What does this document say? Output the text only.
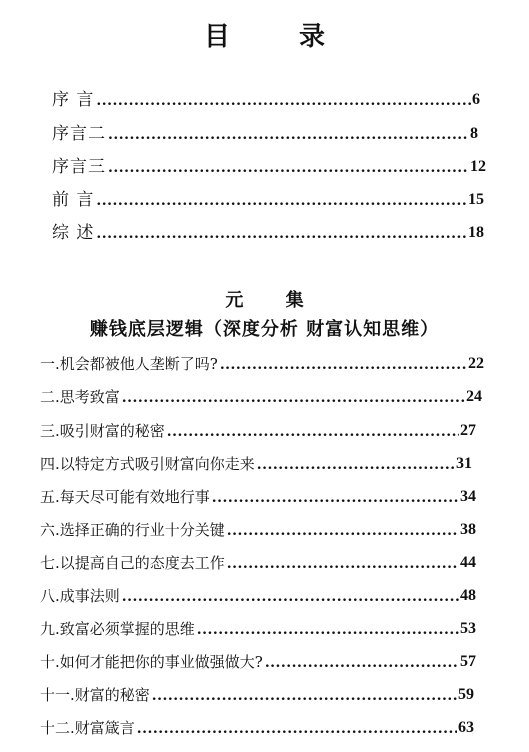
目 录
序 言 .....	6
序言二 .....	8
序言三 .....	12
前 言 .....	15
综 述 .....	18
元 集
赚钱底层逻辑（深度分析 财富认知思维）
一.机会都被他人垄断了吗? .....	22
二.思考致富 .....	24
三.吸引财富的秘密 .....	27
四.以特定方式吸引财富向你走来 .....	31
五.每天尽可能有效地行事 .....	34
六.选择正确的行业十分关键 .....	38
七.以提高自己的态度去工作 .....	44
八.成事法则 .....	48
九.致富必须掌握的思维 .....	53
十.如何才能把你的事业做强做大? .....	57
十一.财富的秘密 .....	59
十二.财富箴言 .....	63
